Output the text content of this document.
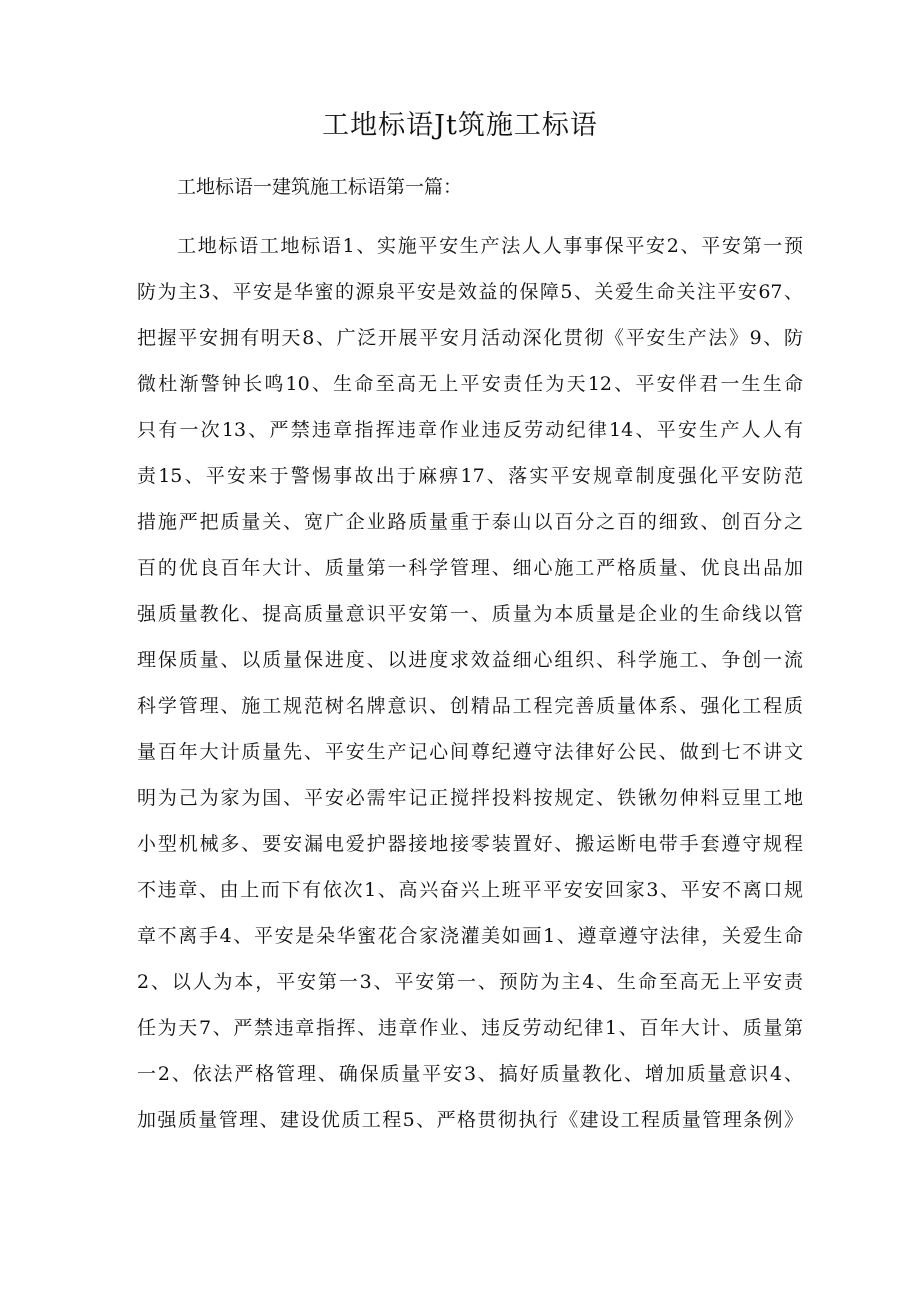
工地标语Jt筑施工标语

工地标语一建筑施工标语第一篇：

工地标语工地标语1、实施平安生产法人人事事保平安2、平安第一预
防为主3、平安是华蜜的源泉平安是效益的保障5、关爱生命关注平安67、
把握平安拥有明天8、广泛开展平安月活动深化贯彻《平安生产法》9、防
微杜渐警钟长鸣10、生命至高无上平安责任为天12、平安伴君一生生命
只有一次13、严禁违章指挥违章作业违反劳动纪律14、平安生产人人有
责15、平安来于警惕事故出于麻痹17、落实平安规章制度强化平安防范
措施严把质量关、宽广企业路质量重于泰山以百分之百的细致、创百分之
百的优良百年大计、质量第一科学管理、细心施工严格质量、优良出品加
强质量教化、提高质量意识平安第一、质量为本质量是企业的生命线以管
理保质量、以质量保进度、以进度求效益细心组织、科学施工、争创一流
科学管理、施工规范树名牌意识、创精品工程完善质量体系、强化工程质
量百年大计质量先、平安生产记心间尊纪遵守法律好公民、做到七不讲文
明为己为家为国、平安必需牢记正搅拌投料按规定、铁锹勿伸料豆里工地
小型机械多、要安漏电爱护器接地接零装置好、搬运断电带手套遵守规程
不违章、由上而下有依次1、高兴奋兴上班平平安安回家3、平安不离口规
章不离手4、平安是朵华蜜花合家浇灌美如画1、遵章遵守法律，关爱生命
2、以人为本，平安第一3、平安第一、预防为主4、生命至高无上平安责
任为天7、严禁违章指挥、违章作业、违反劳动纪律1、百年大计、质量第
一2、依法严格管理、确保质量平安3、搞好质量教化、增加质量意识4、
加强质量管理、建设优质工程5、严格贯彻执行《建设工程质量管理条例》
